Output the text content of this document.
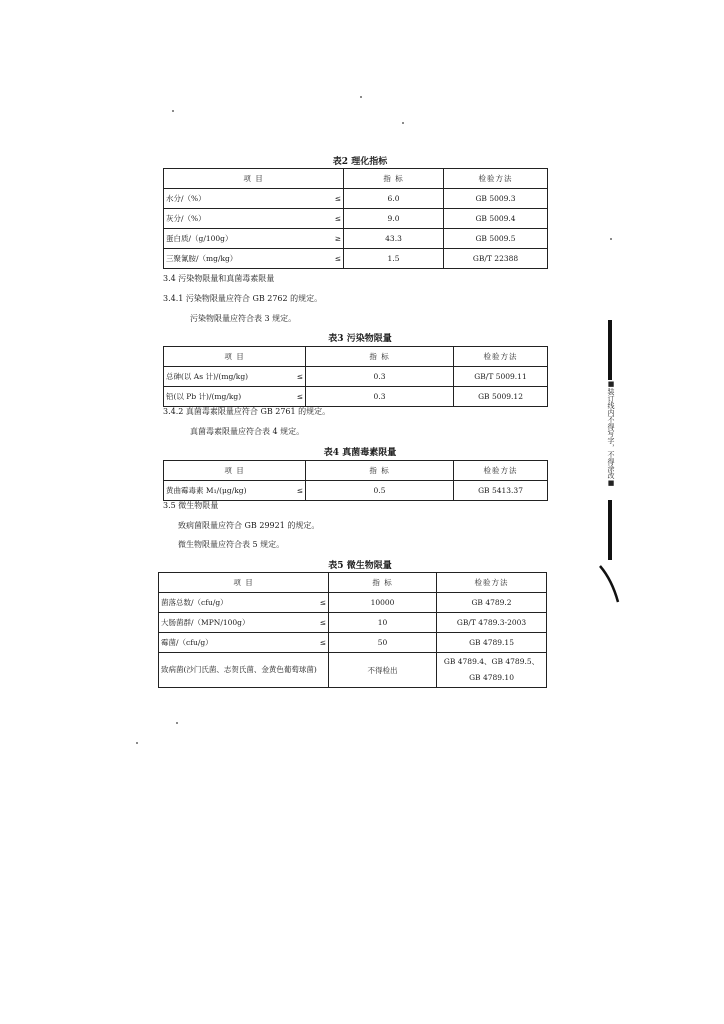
表2 理化指标
项 目		指 标	检验方法
水分/（%）	≤	6.0	GB 5009.3
灰分/（%）	≤	9.0	GB 5009.4
蛋白质/（g/100g）	≥	43.3	GB 5009.5
三聚氰胺/（mg/kg）	≤	1.5	GB/T 22388
3.4 污染物限量和真菌毒素限量
3.4.1 污染物限量应符合 GB 2762 的规定。
污染物限量应符合表 3 规定。
表3 污染物限量
项 目		指 标	检验方法
总砷(以 As 计)/(mg/kg)	≤	0.3	GB/T 5009.11
铅(以 Pb 计)/(mg/kg)	≤	0.3	GB 5009.12
3.4.2 真菌毒素限量应符合 GB 2761 的规定。
真菌毒素限量应符合表 4 规定。
表4 真菌毒素限量
项 目		指 标	检验方法
黄曲霉毒素 M₁/(μg/kg)	≤	0.5	GB 5413.37
3.5 微生物限量
致病菌限量应符合 GB 29921 的规定。
微生物限量应符合表 5 规定。
表5 微生物限量
项 目		指 标	检验方法
菌落总数/（cfu/g）	≤	10000	GB 4789.2
大肠菌群/（MPN/100g）	≤	10	GB/T 4789.3-2003
霉菌/（cfu/g）	≤	50	GB 4789.15
致病菌(沙门氏菌、志贺氏菌、金黄色葡萄球菌)		不得检出	GB 4789.4、GB 4789.5、GB 4789.10
■装订线内不得写字，不得涂改■
